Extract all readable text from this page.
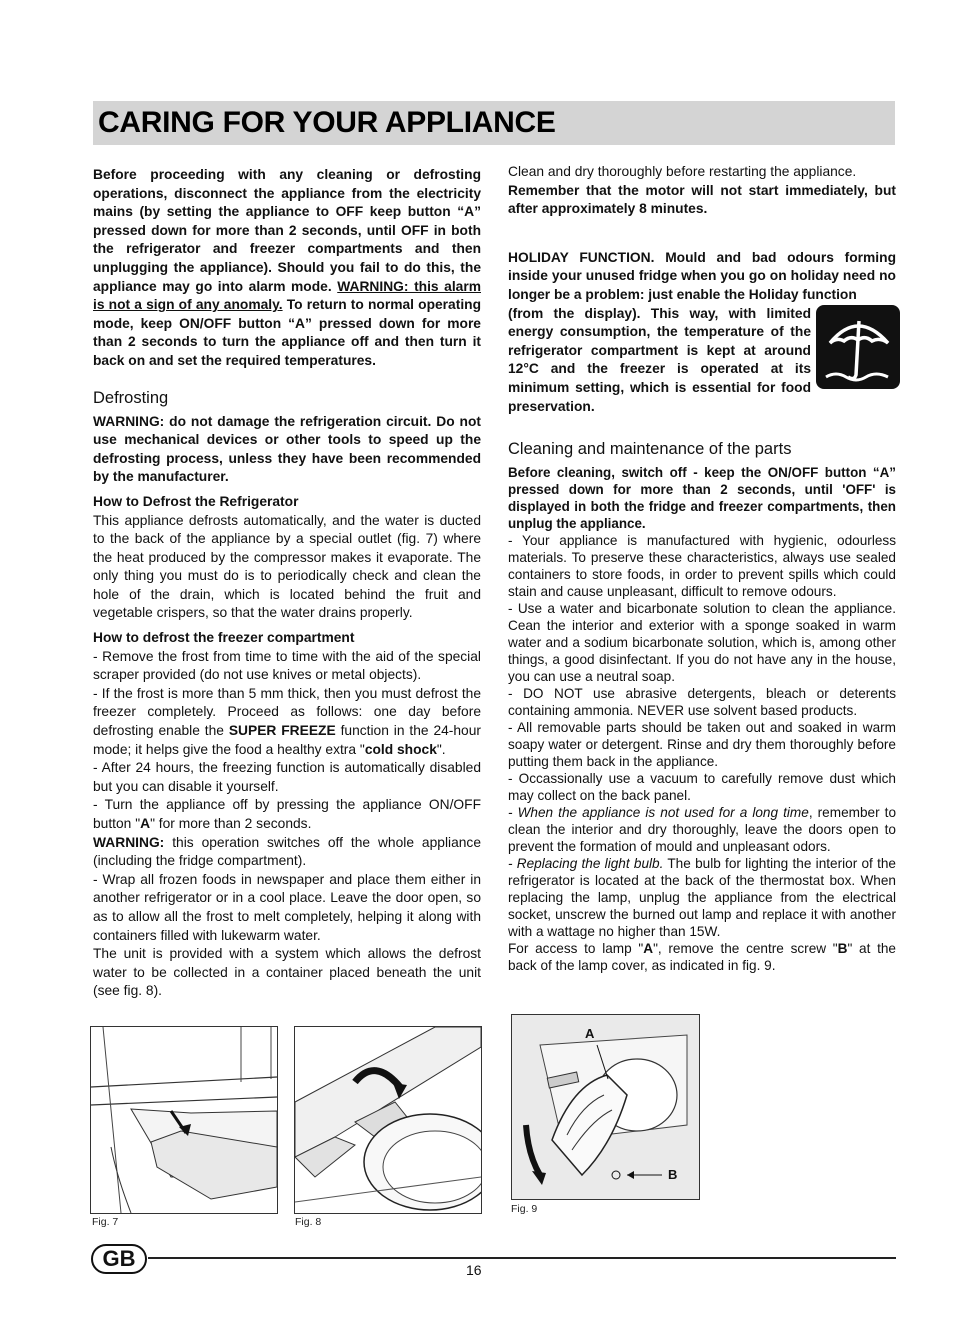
CARING FOR YOUR APPLIANCE

Before proceeding with any cleaning or defrosting operations, disconnect the appliance from the electricity mains (by setting the appliance to OFF keep button “A” pressed down for more than 2 seconds, until OFF in both the refrigerator and freezer compartments and then unplugging the appliance). Should you fail to do this, the appliance may go into alarm mode. WARNING: this alarm is not a sign of any anomaly. To return to normal operating mode, keep ON/OFF button “A” pressed down for more than 2 seconds to turn the appliance off and then turn it back on and set the required temperatures.

Defrosting

WARNING: do not damage the refrigeration circuit. Do not use mechanical devices or other tools to speed up the defrosting process, unless they have been recommended by the manufacturer.

How to Defrost the Refrigerator

This appliance defrosts automatically, and the water is ducted to the back of the appliance by a special outlet (fig. 7) where the heat produced by the compressor makes it evaporate. The only thing you must do is to periodically check and clean the hole of the drain, which is located behind the fruit and vegetable crispers, so that the water drains properly.

How to defrost the freezer compartment

- Remove the frost from time to time with the aid of the special scraper provided (do not use knives or metal objects).

- If the frost is more than 5 mm thick, then you must defrost the freezer completely. Proceed as follows: one day before defrosting enable the SUPER FREEZE function in the 24-hour mode; it helps give the food a healthy extra "cold shock".

- After 24 hours, the freezing function is automatically disabled but you can disable it yourself.

- Turn the appliance off by pressing the appliance ON/OFF button "A" for more than 2 seconds.

WARNING: this operation switches off the whole appliance (including the fridge compartment).

- Wrap all frozen foods in newspaper and place them either in another refrigerator or in a cool place. Leave the door open, so as to allow all the frost to melt completely, helping it along with containers filled with lukewarm water.

The unit is provided with a system which allows the defrost water to be collected in a container placed beneath the unit (see fig. 8).

Clean and dry thoroughly before restarting the appliance.

Remember that the motor will not start immediately, but after approximately 8 minutes.

HOLIDAY FUNCTION. Mould and bad odours forming inside your unused fridge when you go on holiday need no longer be a problem: just enable the Holiday function

(from the display). This way, with limited energy consumption, the temperature of the refrigerator compartment is kept at around 12°C and the freezer is operated at its minimum setting, which is essential for food preservation.

Cleaning and maintenance of the parts

Before cleaning, switch off - keep the ON/OFF button “A” pressed down for more than 2 seconds, until 'OFF' is displayed in both the fridge and freezer compartments, then unplug the appliance.

- Your appliance is manufactured with hygienic, odourless materials. To preserve these characteristics, always use sealed containers to store foods, in order to prevent spills which could stain and cause unpleasant, difficult to remove odours.

- Use a water and bicarbonate solution to clean the appliance. Cean the interior and exterior with a sponge soaked in warm water and a sodium bicarbonate solution, which is, among other things, a good disinfectant. If you do not have any in the house, you can use a neutral soap.

- DO NOT use abrasive detergents, bleach or deterents containing ammonia. NEVER use solvent based products.

- All removable parts should be taken out and soaked in warm soapy water or detergent. Rinse and dry them thoroughly before putting them back in the appliance.

- Occassionally use a vacuum to carefully remove dust which may collect on the back panel.

- When the appliance is not used for a long time, remember to clean the interior and dry thoroughly, leave the doors open to prevent the formation of mould and unpleasant odors.

- Replacing the light bulb. The bulb for lighting the interior of the refrigerator is located at the back of the thermostat box. When replacing the lamp, unplug the appliance from the electrical socket, unscrew the burned out lamp and replace it with another with a wattage no higher than 15W.

For access to lamp "A", remove the centre screw "B" at the back of the lamp cover, as indicated in fig. 9.

Fig. 7	Fig. 8
A
B
Fig. 9
GB	16
